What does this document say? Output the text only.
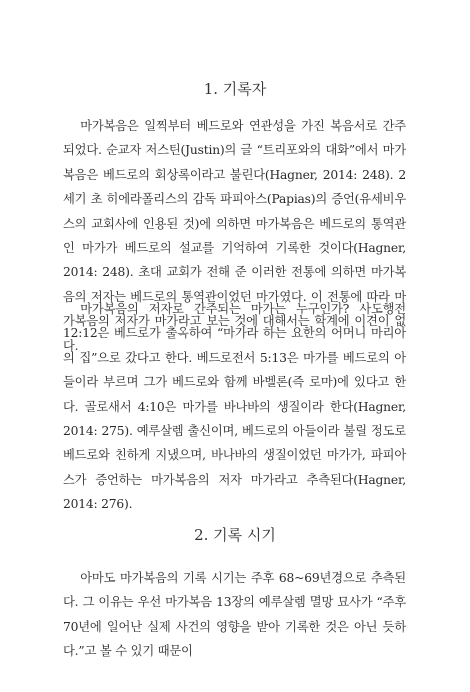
1. 기록자

마가복음은 일찍부터 베드로와 연관성을 가진 복음서로 간주되었다. 순교자 저스틴(Justin)의 글 “트리포와의 대화”에서 마가복음은 베드로의 회상록이라고 불린다(Hagner, 2014: 248). 2세기 초 히에라폴리스의 감독 파피아스(Papias)의 증언(유세비우스의 교회사에 인용된 것)에 의하면 마가복음은 베드로의 통역관인 마가가 베드로의 설교를 기억하여 기록한 것이다(Hagner, 2014: 248). 초대 교회가 전해 준 이러한 전통에 의하면 마가복음의 저자는 베드로의 통역관이었던 마가였다. 이 전통에 따라 마가복음의 저자가 마가라고 보는 것에 대해서는 학계에 이견이 없다.

마가복음의 저자로 간주되는 마가는 누구인가? 사도행전 12:12은 베드로가 출옥하여 “마가라 하는 요한의 어머니 마리아의 집”으로 갔다고 한다. 베드로전서 5:13은 마가를 베드로의 아들이라 부르며 그가 베드로와 함께 바벨론(즉 로마)에 있다고 한다. 골로새서 4:10은 마가를 바나바의 생질이라 한다(Hagner, 2014: 275). 예루살렘 출신이며, 베드로의 아들이라 불릴 정도로 베드로와 친하게 지냈으며, 바나바의 생질이었던 마가가, 파피아스가 증언하는 마가복음의 저자 마가라고 추측된다(Hagner, 2014: 276).

2. 기록 시기

아마도 마가복음의 기록 시기는 주후 68~69년경으로 추측된다. 그 이유는 우선 마가복음 13장의 예루살렘 멸망 묘사가 “주후 70년에 일어난 실제 사건의 영향을 받아 기록한 것은 아닌 듯하다.”고 볼 수 있기 때문이
